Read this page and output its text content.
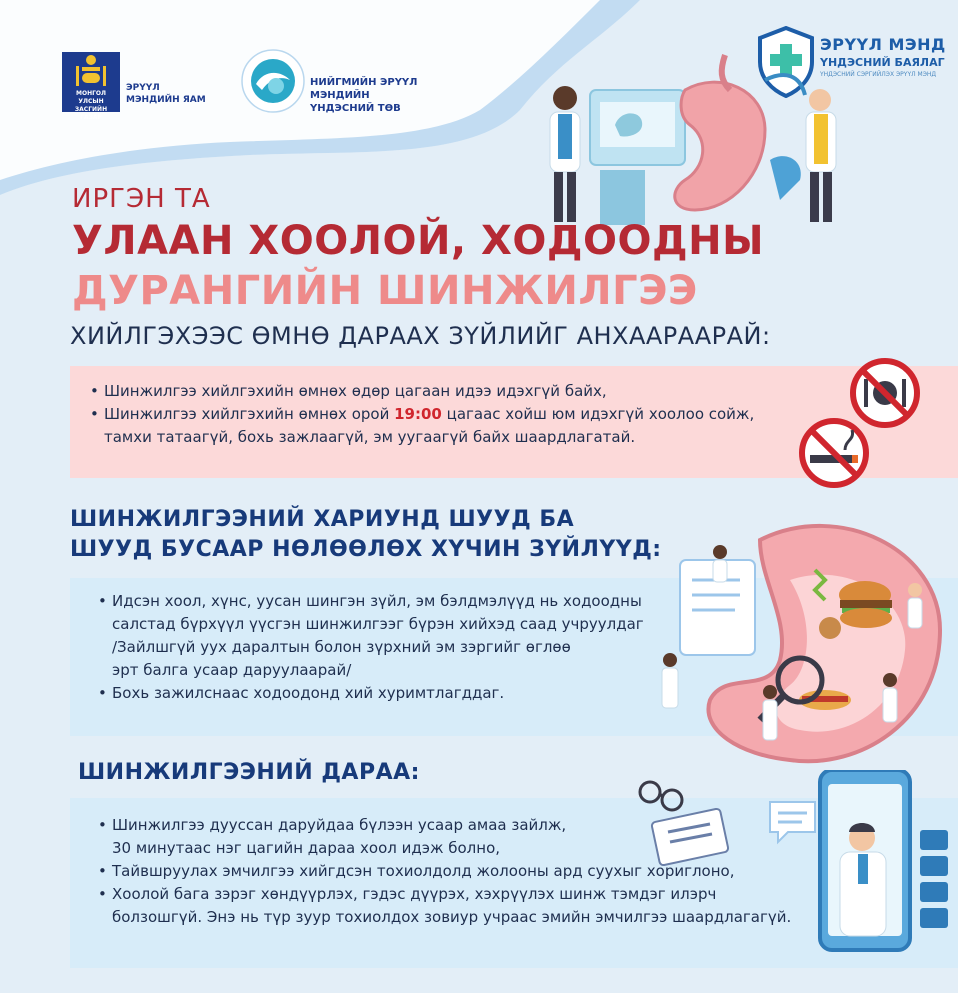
МОНГОЛ УЛСЫН
ЗАСГИЙН ГАЗАР
ЭРҮҮЛ
МЭНДИЙН ЯАМ
НИЙГМИЙН ЭРҮҮЛ МЭНДИЙН
ҮНДЭСНИЙ ТӨВ
ЭРҮҮЛ МЭНД
ҮНДЭСНИЙ БАЯЛАГ
ҮНДЭСНИЙ СЭРГИЙЛЭХ ЭРҮҮЛ МЭНД
ИРГЭН ТА
УЛААН ХООЛОЙ, ХОДООДНЫ
ДУРАНГИЙН ШИНЖИЛГЭЭ
ХИЙЛГЭХЭЭС ӨМНӨ ДАРААХ ЗҮЙЛИЙГ АНХААРААРАЙ:
• Шинжилгээ хийлгэхийн өмнөх өдөр цагаан идээ идэхгүй байх,
• Шинжилгээ хийлгэхийн өмнөх орой 19:00 цагаас хойш юм идэхгүй хоолоо сойж,
тамхи татаагүй, бохь зажлаагүй, эм уугаагүй байх шаардлагатай.
ШИНЖИЛГЭЭНИЙ ХАРИУНД ШУУД БА
ШУУД БУСААР НӨЛӨӨЛӨХ ХҮЧИН ЗҮЙЛҮҮД:
• Идсэн хоол, хүнс, уусан шингэн зүйл, эм бэлдмэлүүд нь ходоодны
салстад бүрхүүл үүсгэн шинжилгээг бүрэн хийхэд саад учруулдаг
/Зайлшгүй уух даралтын болон зүрхний эм зэргийг өглөө
эрт балга усаар даруулаарай/
• Бохь зажилснаас ходоодонд хий хуримтлагддаг.
ШИНЖИЛГЭЭНИЙ ДАРАА:
• Шинжилгээ дууссан даруйдаа бүлээн усаар амаа зайлж,
30 минутаас нэг цагийн дараа хоол идэж болно,
• Тайвшруулах эмчилгээ хийгдсэн тохиолдолд жолооны ард суухыг хориглоно,
• Хоолой бага зэрэг хөндүүрлэх, гэдэс дүүрэх, хэхрүүлэх шинж тэмдэг илэрч
болзошгүй. Энэ нь түр зуур тохиолдох зовиур учраас эмийн эмчилгээ шаардлагагүй.
